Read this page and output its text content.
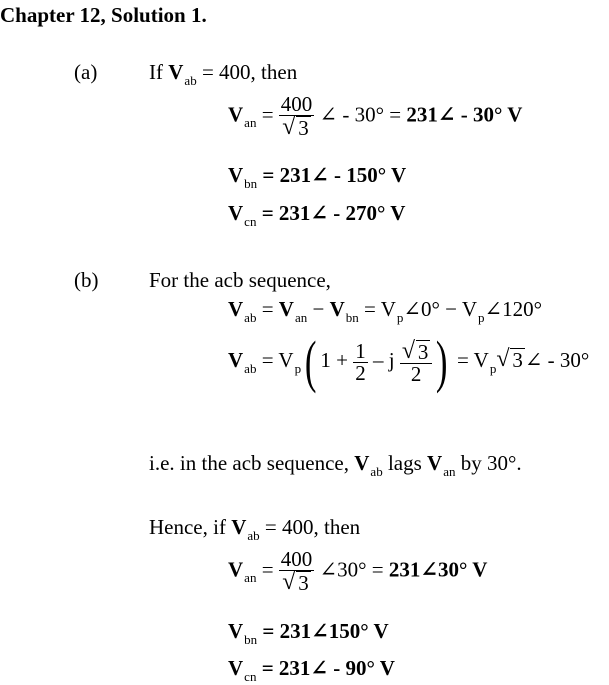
Chapter 12, Solution 1.
(a) If $V_{ab} = 400$, then
$V_{an} = \frac{400}{√ 3}$ ∠ - 30° = 231∠ - 30° V
$V_{bn}$ = 231∠ - 150° V
$V_{cn}$ = 231∠ - 270° V
(b) For the acb sequence,
$V_{ab} = V_{an} - V_{bn}$ = $V_p\angle 0^\circ$ − $V_p\angle 120^\circ$
$V_{ab} = V_p$( $1 + \frac{1}{2} - j \frac{√ 3}{2}$ ) = $V_p$ √ 3∠ - 30°
i.e. in the acb sequence, $V_{ab}$ lags $V_{an}$ by 30°.
Hence, if $V_{ab} = 400$, then
$V_{an} = \frac{400}{√ 3}$ ∠30° = 231∠30° V
$V_{bn}$ = 231∠150° V
$V_{cn}$ = 231∠ - 90° V
